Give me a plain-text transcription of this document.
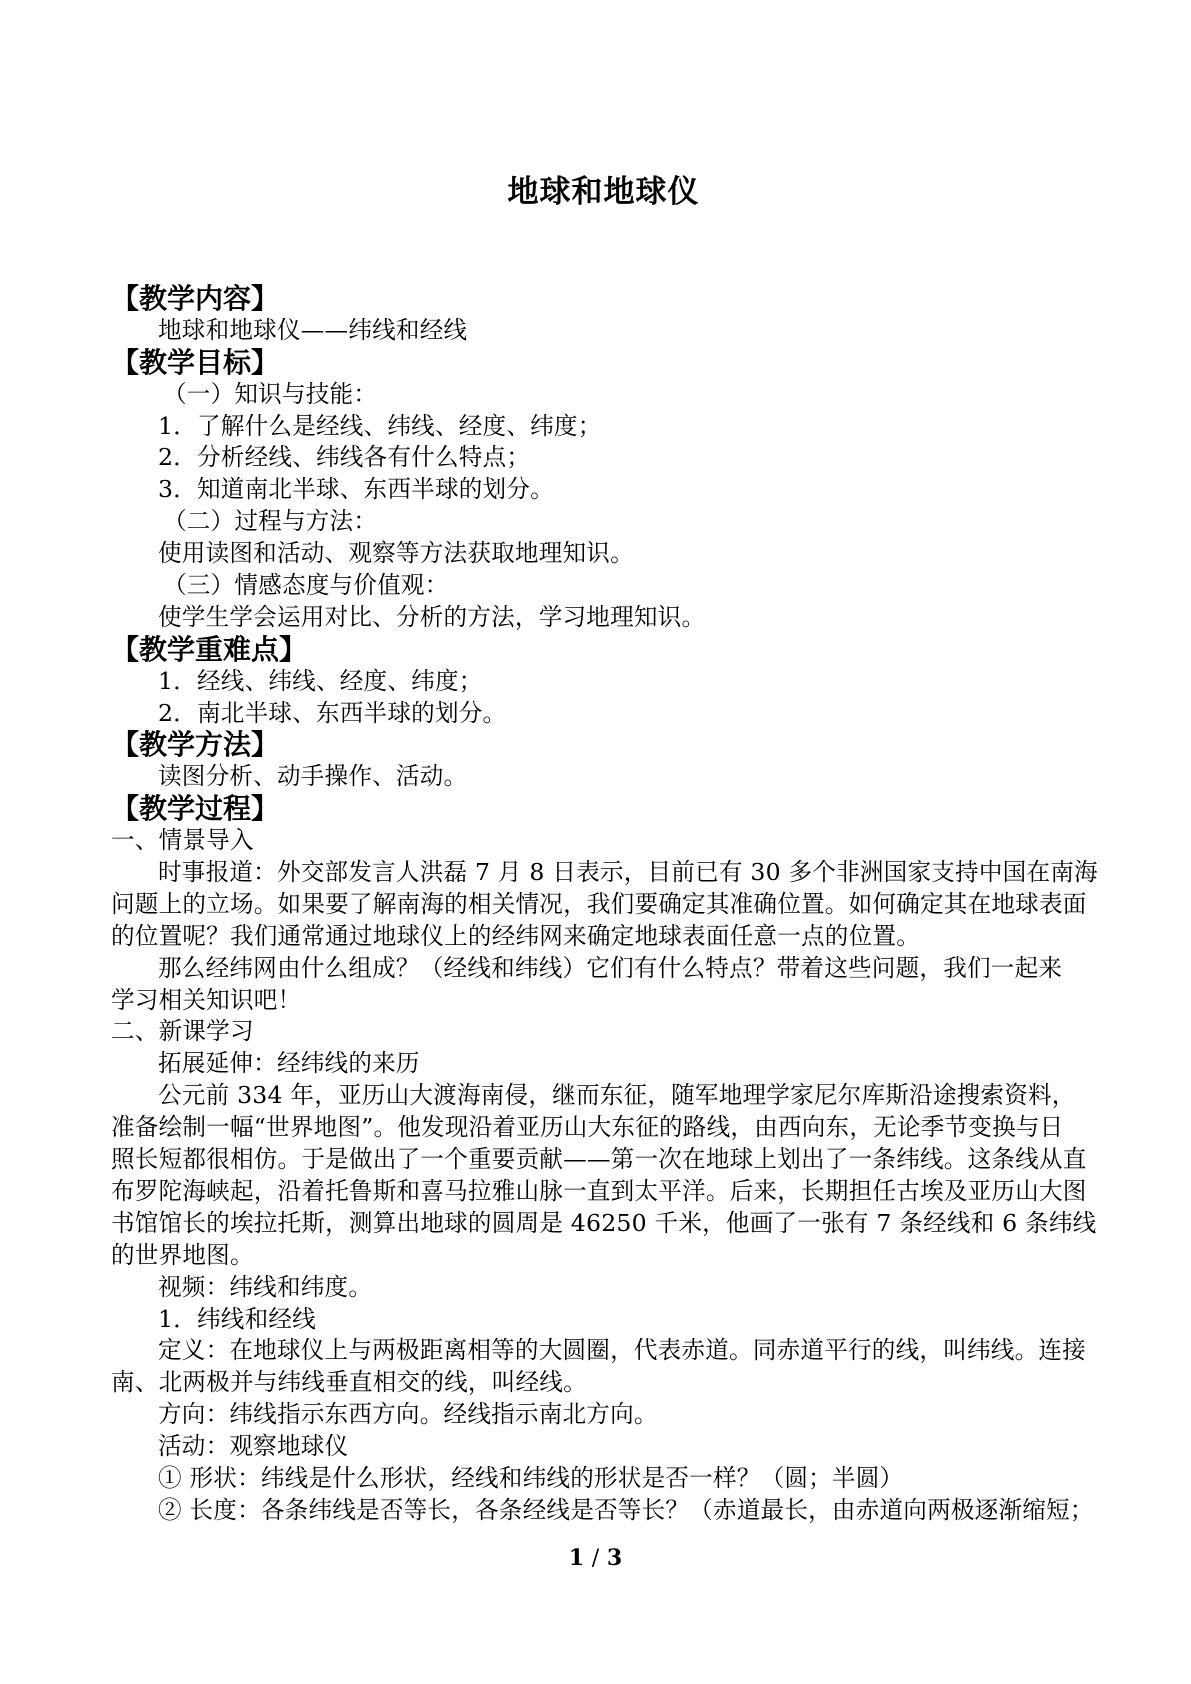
地球和地球仪
【教学内容】
地球和地球仪——纬线和经线
【教学目标】
（一）知识与技能：
1．了解什么是经线、纬线、经度、纬度；
2．分析经线、纬线各有什么特点；
3．知道南北半球、东西半球的划分。
（二）过程与方法：
使用读图和活动、观察等方法获取地理知识。
（三）情感态度与价值观：
使学生学会运用对比、分析的方法，学习地理知识。
【教学重难点】
1．经线、纬线、经度、纬度；
2．南北半球、东西半球的划分。
【教学方法】
读图分析、动手操作、活动。
【教学过程】
一、情景导入
时事报道：外交部发言人洪磊 7 月 8 日表示，目前已有 30 多个非洲国家支持中国在南海
问题上的立场。如果要了解南海的相关情况，我们要确定其准确位置。如何确定其在地球表面
的位置呢？我们通常通过地球仪上的经纬网来确定地球表面任意一点的位置。
那么经纬网由什么组成？（经线和纬线）它们有什么特点？带着这些问题，我们一起来
学习相关知识吧！
二、新课学习
拓展延伸：经纬线的来历
公元前 334 年，亚历山大渡海南侵，继而东征，随军地理学家尼尔库斯沿途搜索资料，
准备绘制一幅“世界地图”。他发现沿着亚历山大东征的路线，由西向东，无论季节变换与日
照长短都很相仿。于是做出了一个重要贡献——第一次在地球上划出了一条纬线。这条线从直
布罗陀海峡起，沿着托鲁斯和喜马拉雅山脉一直到太平洋。后来，长期担任古埃及亚历山大图
书馆馆长的埃拉托斯，测算出地球的圆周是 46250 千米，他画了一张有 7 条经线和 6 条纬线
的世界地图。
视频：纬线和纬度。
1．纬线和经线
定义：在地球仪上与两极距离相等的大圆圈，代表赤道。同赤道平行的线，叫纬线。连接
南、北两极并与纬线垂直相交的线，叫经线。
方向：纬线指示东西方向。经线指示南北方向。
活动：观察地球仪
① 形状：纬线是什么形状，经线和纬线的形状是否一样？（圆；半圆）
② 长度：各条纬线是否等长，各条经线是否等长？（赤道最长，由赤道向两极逐渐缩短；
1 / 3
